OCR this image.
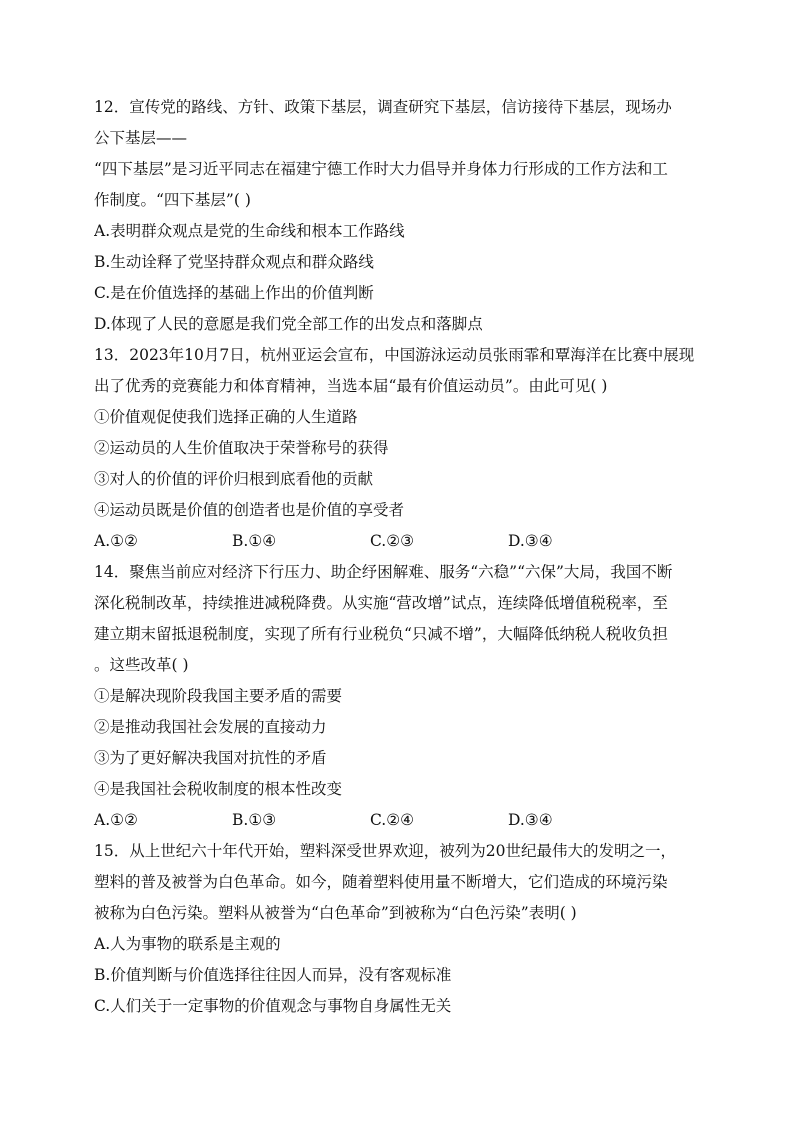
12．宣传党的路线、方针、政策下基层，调查研究下基层，信访接待下基层，现场办
公下基层——
“四下基层”是习近平同志在福建宁德工作时大力倡导并身体力行形成的工作方法和工
作制度。“四下基层”( )
A.表明群众观点是党的生命线和根本工作路线
B.生动诠释了党坚持群众观点和群众路线
C.是在价值选择的基础上作出的价值判断
D.体现了人民的意愿是我们党全部工作的出发点和落脚点
13．2023年10月7日，杭州亚运会宣布，中国游泳运动员张雨霏和覃海洋在比赛中展现
出了优秀的竞赛能力和体育精神，当选本届“最有价值运动员”。由此可见( )
①价值观促使我们选择正确的人生道路
②运动员的人生价值取决于荣誉称号的获得
③对人的价值的评价归根到底看他的贡献
④运动员既是价值的创造者也是价值的享受者
A.①②	B.①④	C.②③	D.③④
14．聚焦当前应对经济下行压力、助企纾困解难、服务“六稳”“六保”大局，我国不断
深化税制改革，持续推进减税降费。从实施“营改增”试点，连续降低增值税税率，至
建立期末留抵退税制度，实现了所有行业税负“只减不增”，大幅降低纳税人税收负担
。这些改革( )
①是解决现阶段我国主要矛盾的需要
②是推动我国社会发展的直接动力
③为了更好解决我国对抗性的矛盾
④是我国社会税收制度的根本性改变
A.①②	B.①③	C.②④	D.③④
15．从上世纪六十年代开始，塑料深受世界欢迎，被列为20世纪最伟大的发明之一，
塑料的普及被誉为白色革命。如今，随着塑料使用量不断增大，它们造成的环境污染
被称为白色污染。塑料从被誉为“白色革命”到被称为“白色污染”表明( )
A.人为事物的联系是主观的
B.价值判断与价值选择往往因人而异，没有客观标准
C.人们关于一定事物的价值观念与事物自身属性无关
